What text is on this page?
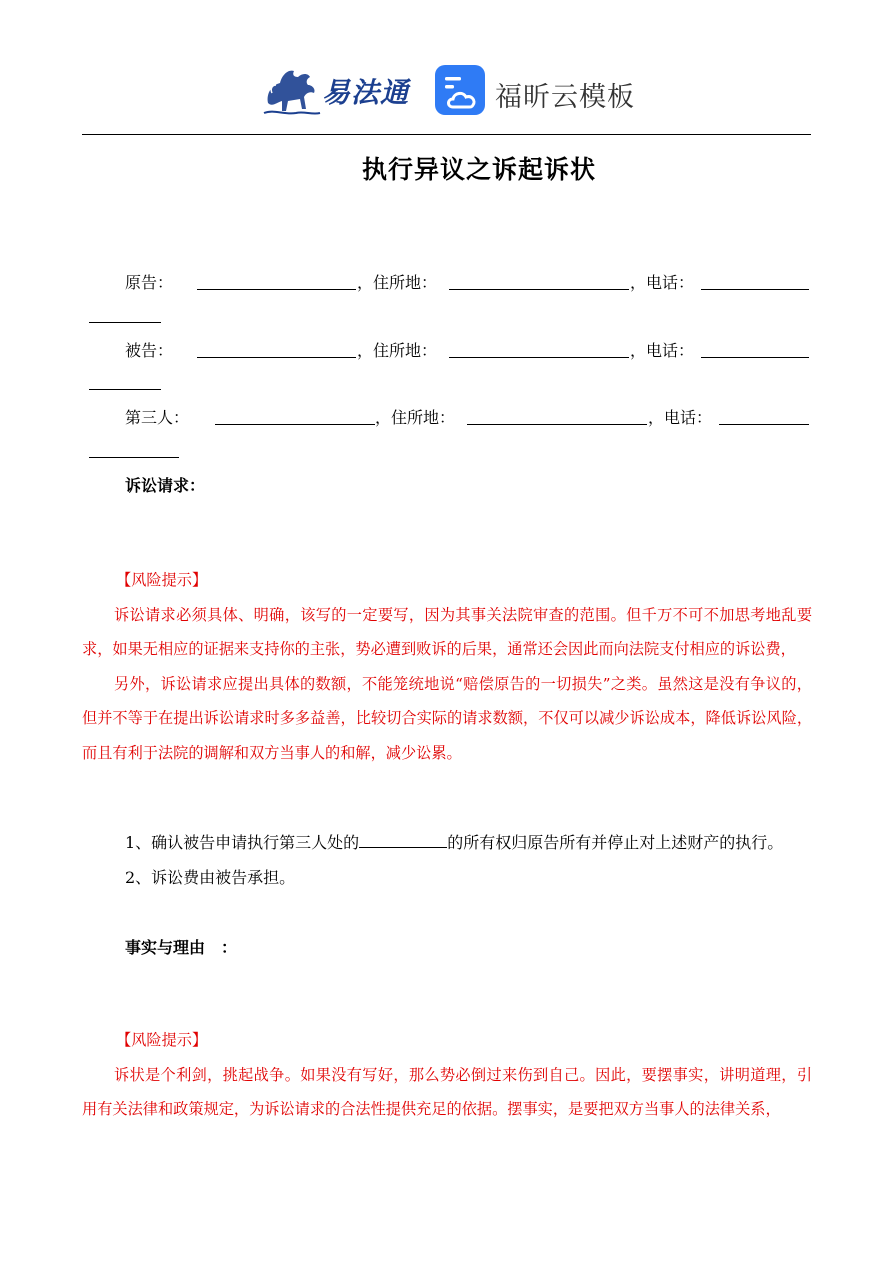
易法通	福昕云模板
执行异议之诉起诉状
原告：	，住所地：	，电话：
被告：	，住所地：	，电话：
第三人：	，住所地：	，电话：
诉讼请求：

【风险提示】

诉讼请求必须具体、明确，该写的一定要写，因为其事关法院审查的范围。但千万不可不加思考地乱要求，如果无相应的证据来支持你的主张，势必遭到败诉的后果，通常还会因此而向法院支付相应的诉讼费，

另外，诉讼请求应提出具体的数额，不能笼统地说“赔偿原告的一切损失”之类。虽然这是没有争议的，但并不等于在提出诉讼请求时多多益善，比较切合实际的请求数额，不仅可以减少诉讼成本，降低诉讼风险，而且有利于法院的调解和双方当事人的和解，减少讼累。

1、确认被告申请执行第三人处的	的所有权归原告所有并停止对上述财产的执行。

2、诉讼费由被告承担。

事实与理由　：

【风险提示】

诉状是个利剑，挑起战争。如果没有写好，那么势必倒过来伤到自己。因此，要摆事实，讲明道理，引用有关法律和政策规定，为诉讼请求的合法性提供充足的依据。摆事实，是要把双方当事人的法律关系，
